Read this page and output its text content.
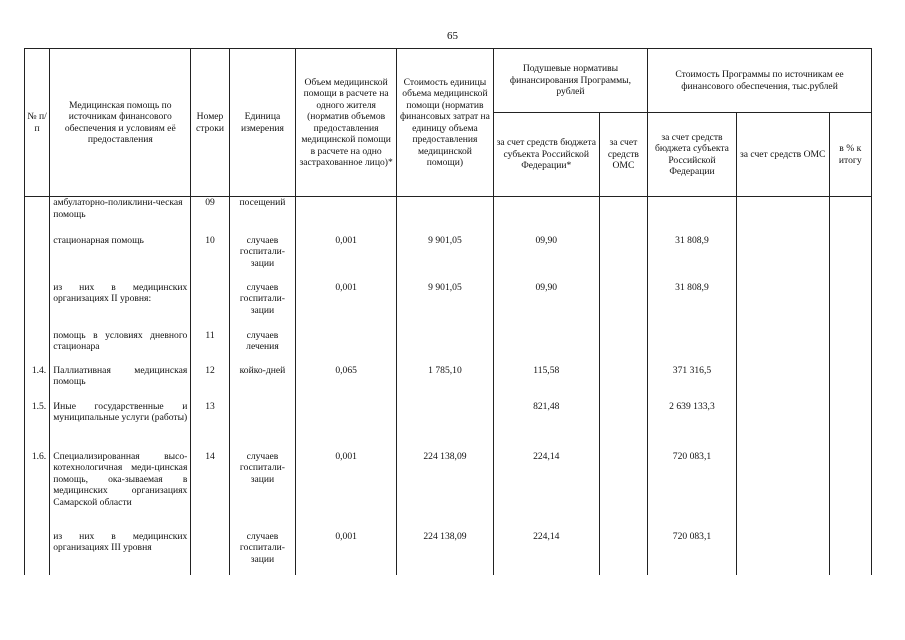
65
№ п/п	Медицинская помощь по источникам финансового обеспечения и условиям её предоставления	Номер строки	Единица измерения	Объем медицинской помощи в расчете на одного жителя (норматив объемов предоставления медицинской помощи в расчете на одно застрахованное лицо)*	Стоимость единицы объема медицинской помощи (норматив финансовых затрат на единицу объема предоставления медицинской помощи)	Подушевые нормативы финансирования Программы, рублей		Стоимость Программы по источникам ее финансового обеспечения, тыс.рублей		
						за счет средств бюджета субъекта Российской Федерации*	за счет средств ОМС	за счет средств бюджета субъекта Российской Федерации	за счет средств ОМС	в % к итогу
	амбулаторно-поликлини-ческая помощь	09	посещений							
	стационарная помощь	10	случаев госпитали-зации	0,001	9 901,05	09,90		31 808,9		
	из них в медицинских организациях II уровня:		случаев госпитали-зации	0,001	9 901,05	09,90		31 808,9		
	помощь в условиях дневного стационара	11	случаев лечения							
1.4.	Паллиативная медицинская помощь	12	койко-дней	0,065	1 785,10	115,58		371 316,5		
1.5.	Иные государственные и муниципальные услуги (работы)	13				821,48		2 639 133,3		
1.6.	Специализированная высо-котехнологичная меди-цинская помощь, ока-зываемая в медицинских организациях Самарской области	14	случаев госпитали-зации	0,001	224 138,09	224,14		720 083,1		
	из них в медицинских организациях III уровня		случаев госпитали-зации	0,001	224 138,09	224,14		720 083,1		
